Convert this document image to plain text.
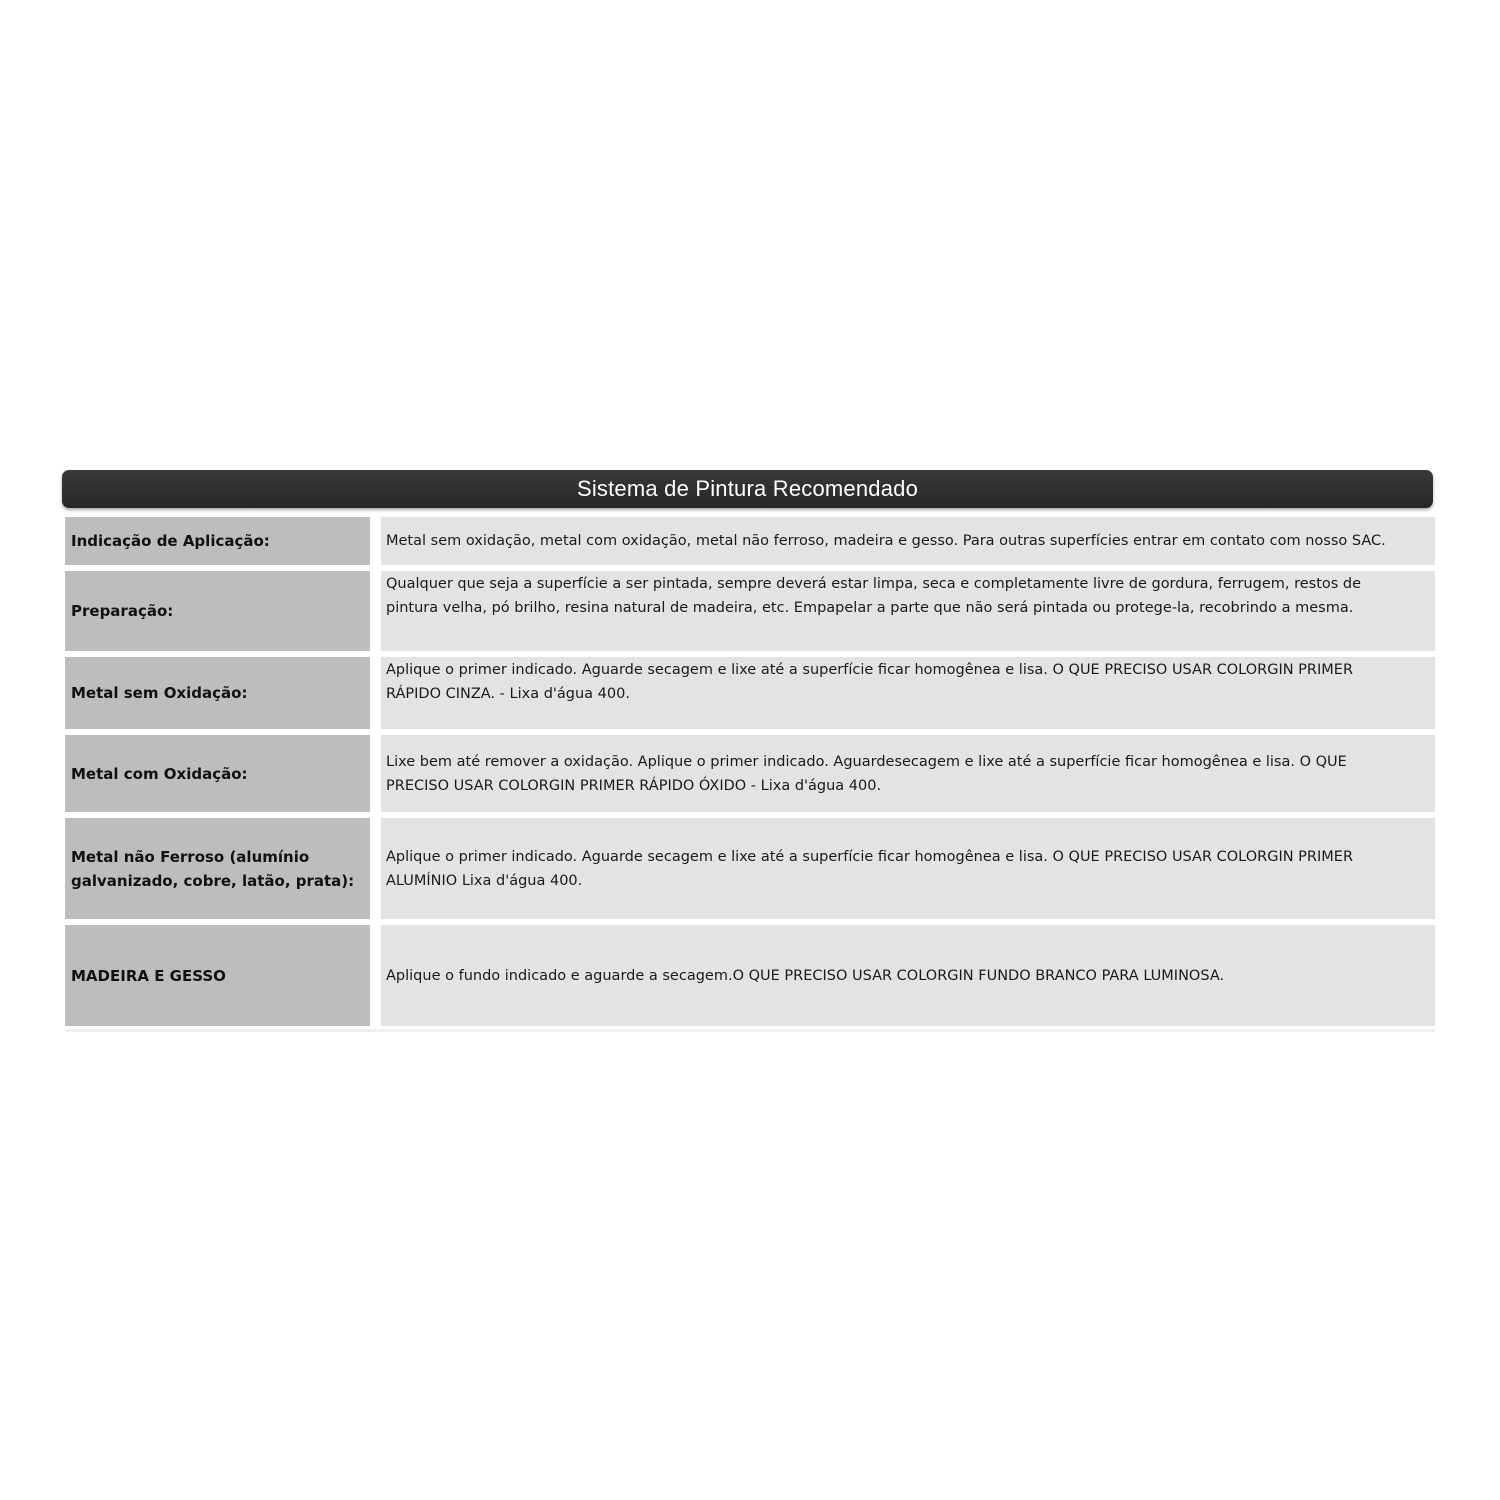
Sistema de Pintura Recomendado
Indicação de Aplicação:	Metal sem oxidação, metal com oxidação, metal não ferroso, madeira e gesso. Para outras superfícies entrar em contato com nosso SAC.
Preparação:
Qualquer que seja a superfície a ser pintada, sempre deverá estar limpa, seca e completamente livre de gordura, ferrugem, restos de
pintura velha, pó brilho, resina natural de madeira, etc. Empapelar a parte que não será pintada ou protege-la, recobrindo a mesma.
Metal sem Oxidação:
Aplique o primer indicado. Aguarde secagem e lixe até a superfície ficar homogênea e lisa. O QUE PRECISO USAR COLORGIN PRIMER
RÁPIDO CINZA. - Lixa d'água 400.
Metal com Oxidação:
Lixe bem até remover a oxidação. Aplique o primer indicado. Aguardesecagem e lixe até a superfície ficar homogênea e lisa. O QUE
PRECISO USAR COLORGIN PRIMER RÁPIDO ÓXIDO - Lixa d'água 400.
Metal não Ferroso (alumínio
galvanizado, cobre, latão, prata):
Aplique o primer indicado. Aguarde secagem e lixe até a superfície ficar homogênea e lisa. O QUE PRECISO USAR COLORGIN PRIMER
ALUMÍNIO Lixa d'água 400.
MADEIRA E GESSO	Aplique o fundo indicado e aguarde a secagem.O QUE PRECISO USAR COLORGIN FUNDO BRANCO PARA LUMINOSA.
